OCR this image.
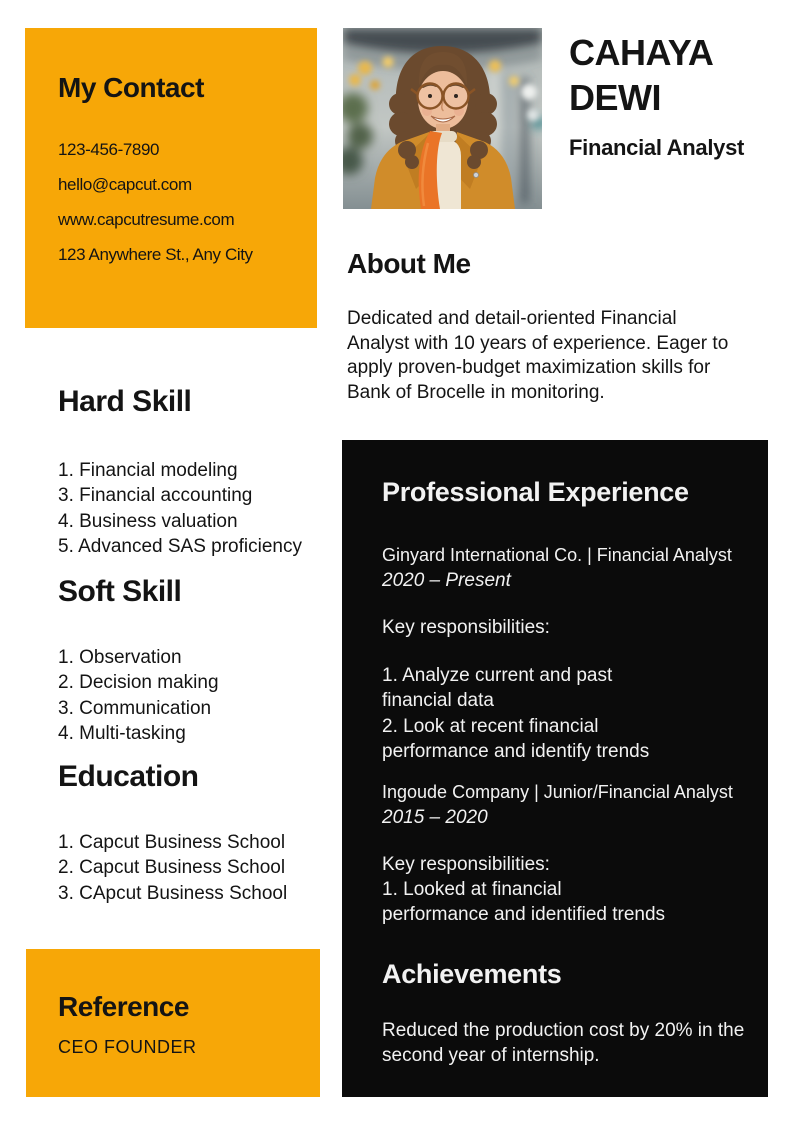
My Contact
123-456-7890
hello@capcut.com
www.capcutresume.com
123 Anywhere St., Any City
Hard Skill
1. Financial modeling
3. Financial accounting
4. Business valuation
5. Advanced SAS proficiency
Soft Skill
1. Observation
2. Decision making
3. Communication
4. Multi-tasking
Education
1. Capcut Business School
2. Capcut Business School
3. CApcut Business School
Reference
CEO FOUNDER
CAHAYA
DEWI
Financial Analyst
About Me
Dedicated and detail-oriented Financial Analyst with 10 years of experience. Eager to apply proven-budget maximization skills for Bank of Brocelle in monitoring.
Professional Experience
Ginyard International Co. | Financial Analyst
2020 – Present
Key responsibilities:
1. Analyze current and past
financial data
2. Look at recent financial
performance and identify trends
Ingoude Company | Junior/Financial Analyst
2015 – 2020
Key responsibilities:
1. Looked at financial
performance and identified trends
Achievements
Reduced the production cost by 20% in the second year of internship.
